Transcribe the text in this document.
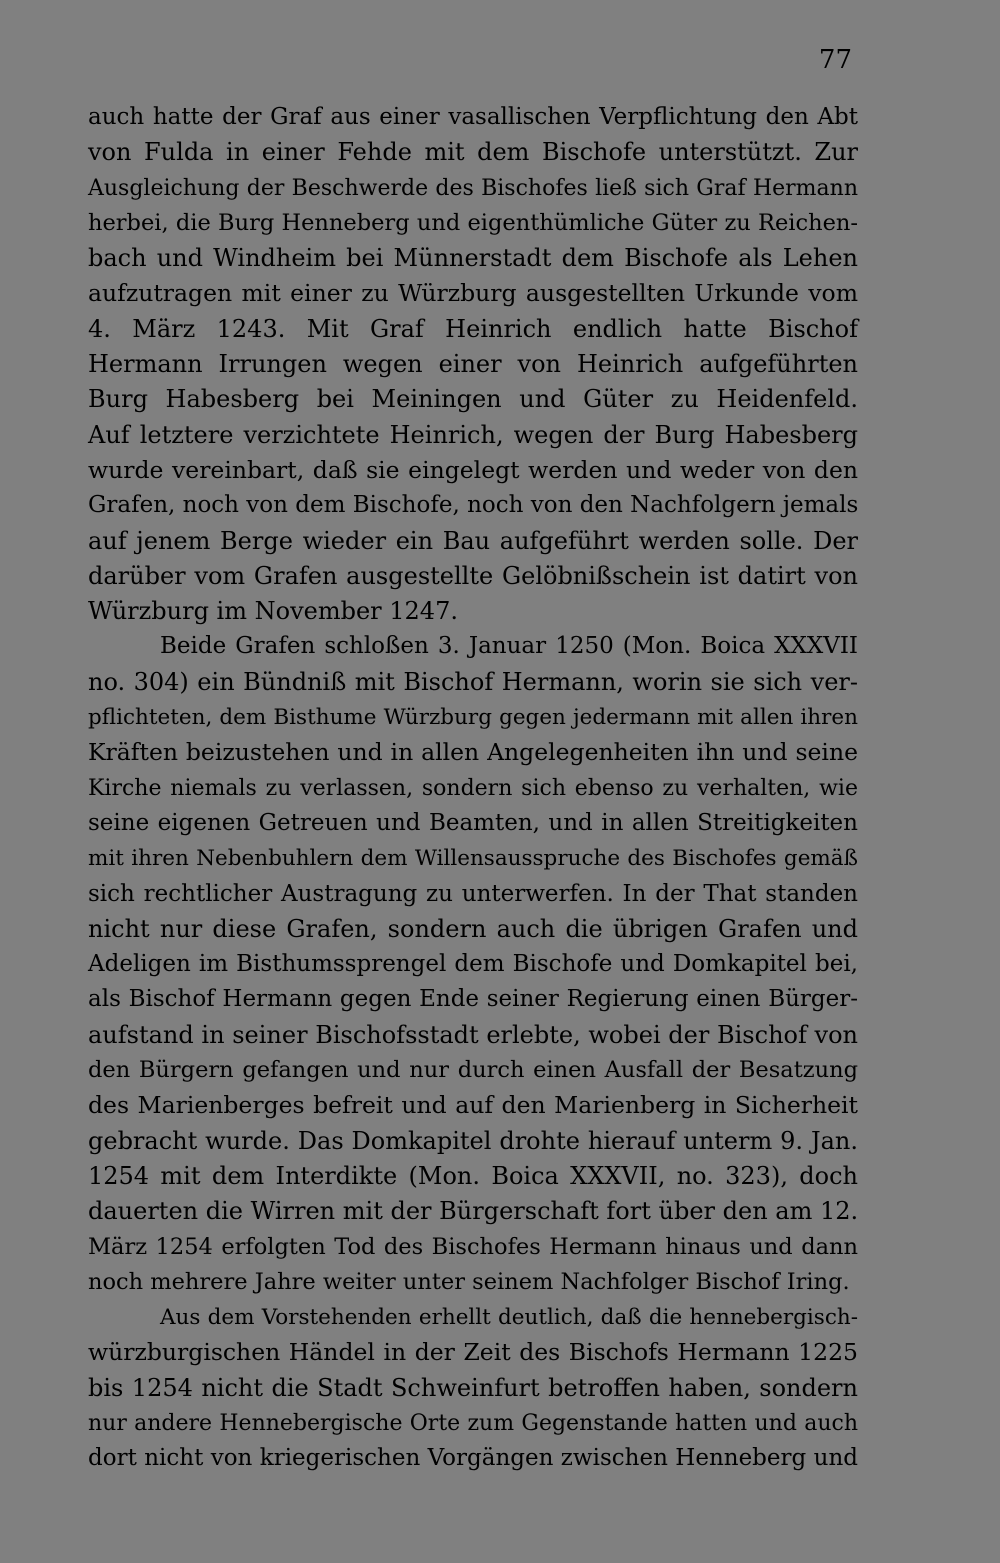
77
auch hatte der Graf aus einer vasallischen Verpflichtung den Abt
von Fulda in einer Fehde mit dem Bischofe unterstützt. Zur
Ausgleichung der Beschwerde des Bischofes ließ sich Graf Hermann
herbei, die Burg Henneberg und eigenthümliche Güter zu Reichen-
bach und Windheim bei Münnerstadt dem Bischofe als Lehen
aufzutragen mit einer zu Würzburg ausgestellten Urkunde vom
4. März 1243. Mit Graf Heinrich endlich hatte Bischof
Hermann Irrungen wegen einer von Heinrich aufgeführten
Burg Habesberg bei Meiningen und Güter zu Heidenfeld.
Auf letztere verzichtete Heinrich, wegen der Burg Habesberg
wurde vereinbart, daß sie eingelegt werden und weder von den
Grafen, noch von dem Bischofe, noch von den Nachfolgern jemals
auf jenem Berge wieder ein Bau aufgeführt werden solle. Der
darüber vom Grafen ausgestellte Gelöbnißschein ist datirt von
Würzburg im November 1247.
Beide Grafen schloßen 3. Januar 1250 (Mon. Boica XXXVII
no. 304) ein Bündniß mit Bischof Hermann, worin sie sich ver-
pflichteten, dem Bisthume Würzburg gegen jedermann mit allen ihren
Kräften beizustehen und in allen Angelegenheiten ihn und seine
Kirche niemals zu verlassen, sondern sich ebenso zu verhalten, wie
seine eigenen Getreuen und Beamten, und in allen Streitigkeiten
mit ihren Nebenbuhlern dem Willensausspruche des Bischofes gemäß
sich rechtlicher Austragung zu unterwerfen. In der That standen
nicht nur diese Grafen, sondern auch die übrigen Grafen und
Adeligen im Bisthumssprengel dem Bischofe und Domkapitel bei,
als Bischof Hermann gegen Ende seiner Regierung einen Bürger-
aufstand in seiner Bischofsstadt erlebte, wobei der Bischof von
den Bürgern gefangen und nur durch einen Ausfall der Besatzung
des Marienberges befreit und auf den Marienberg in Sicherheit
gebracht wurde. Das Domkapitel drohte hierauf unterm 9. Jan.
1254 mit dem Interdikte (Mon. Boica XXXVII, no. 323), doch
dauerten die Wirren mit der Bürgerschaft fort über den am 12.
März 1254 erfolgten Tod des Bischofes Hermann hinaus und dann
noch mehrere Jahre weiter unter seinem Nachfolger Bischof Iring.
Aus dem Vorstehenden erhellt deutlich, daß die hennebergisch-
würzburgischen Händel in der Zeit des Bischofs Hermann 1225
bis 1254 nicht die Stadt Schweinfurt betroffen haben, sondern
nur andere Hennebergische Orte zum Gegenstande hatten und auch
dort nicht von kriegerischen Vorgängen zwischen Henneberg und
